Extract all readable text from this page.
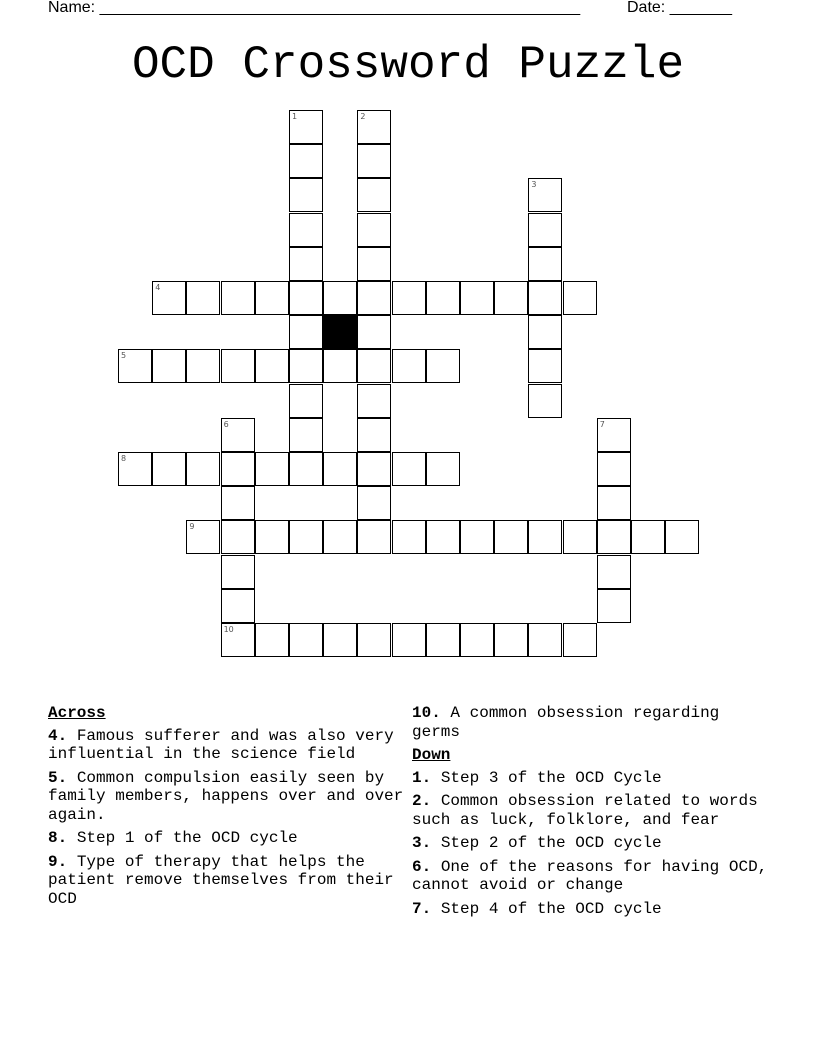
Name: ______________________________________________________	Date: _______
OCD Crossword Puzzle
1	2
3
4
5
6
10
7
8
9
Across
4. Famous sufferer and was also very influential in the science field
5. Common compulsion easily seen by family members, happens over and over again.
8. Step 1 of the OCD cycle
9. Type of therapy that helps the patient remove themselves from their OCD
10. A common obsession regarding germs
Down
1. Step 3 of the OCD Cycle
2. Common obsession related to words such as luck, folklore, and fear
3. Step 2 of the OCD cycle
6. One of the reasons for having OCD, cannot avoid or change
7. Step 4 of the OCD cycle
